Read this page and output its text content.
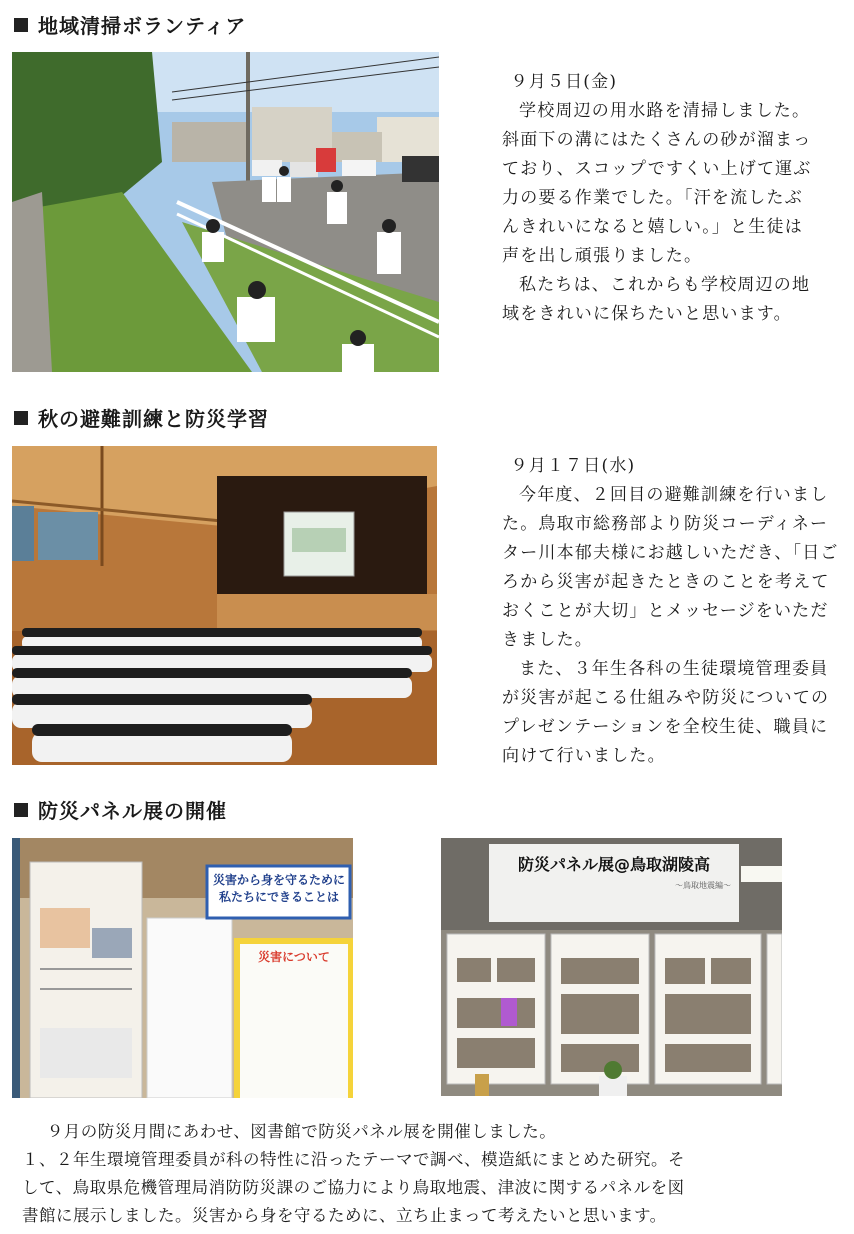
地域清掃ボランティア

９月５日(金)

学校周辺の用水路を清掃しました。斜面下の溝にはたくさんの砂が溜まっており、スコップですくい上げて運ぶ力の要る作業でした。「汗を流したぶんきれいになると嬉しい。」と生徒は声を出し頑張りました。

私たちは、これからも学校周辺の地域をきれいに保ちたいと思います。

秋の避難訓練と防災学習

９月１７日(水)

今年度、２回目の避難訓練を行いました。鳥取市総務部より防災コーディネーター川本郁夫様にお越しいただき、「日ごろから災害が起きたときのことを考えておくことが大切」とメッセージをいただきました。

また、３年生各科の生徒環境管理委員が災害が起こる仕組みや防災についてのプレゼンテーションを全校生徒、職員に向けて行いました。

防災パネル展の開催
災害から身を守るために
私たちにできることは
災害について
防災パネル展@鳥取湖陵高
〜鳥取地震編〜

９月の防災月間にあわせ、図書館で防災パネル展を開催しました。

１、２年生環境管理委員が科の特性に沿ったテーマで調べ、模造紙にまとめた研究。そ

して、鳥取県危機管理局消防防災課のご協力により鳥取地震、津波に関するパネルを図

書館に展示しました。災害から身を守るために、立ち止まって考えたいと思います。
